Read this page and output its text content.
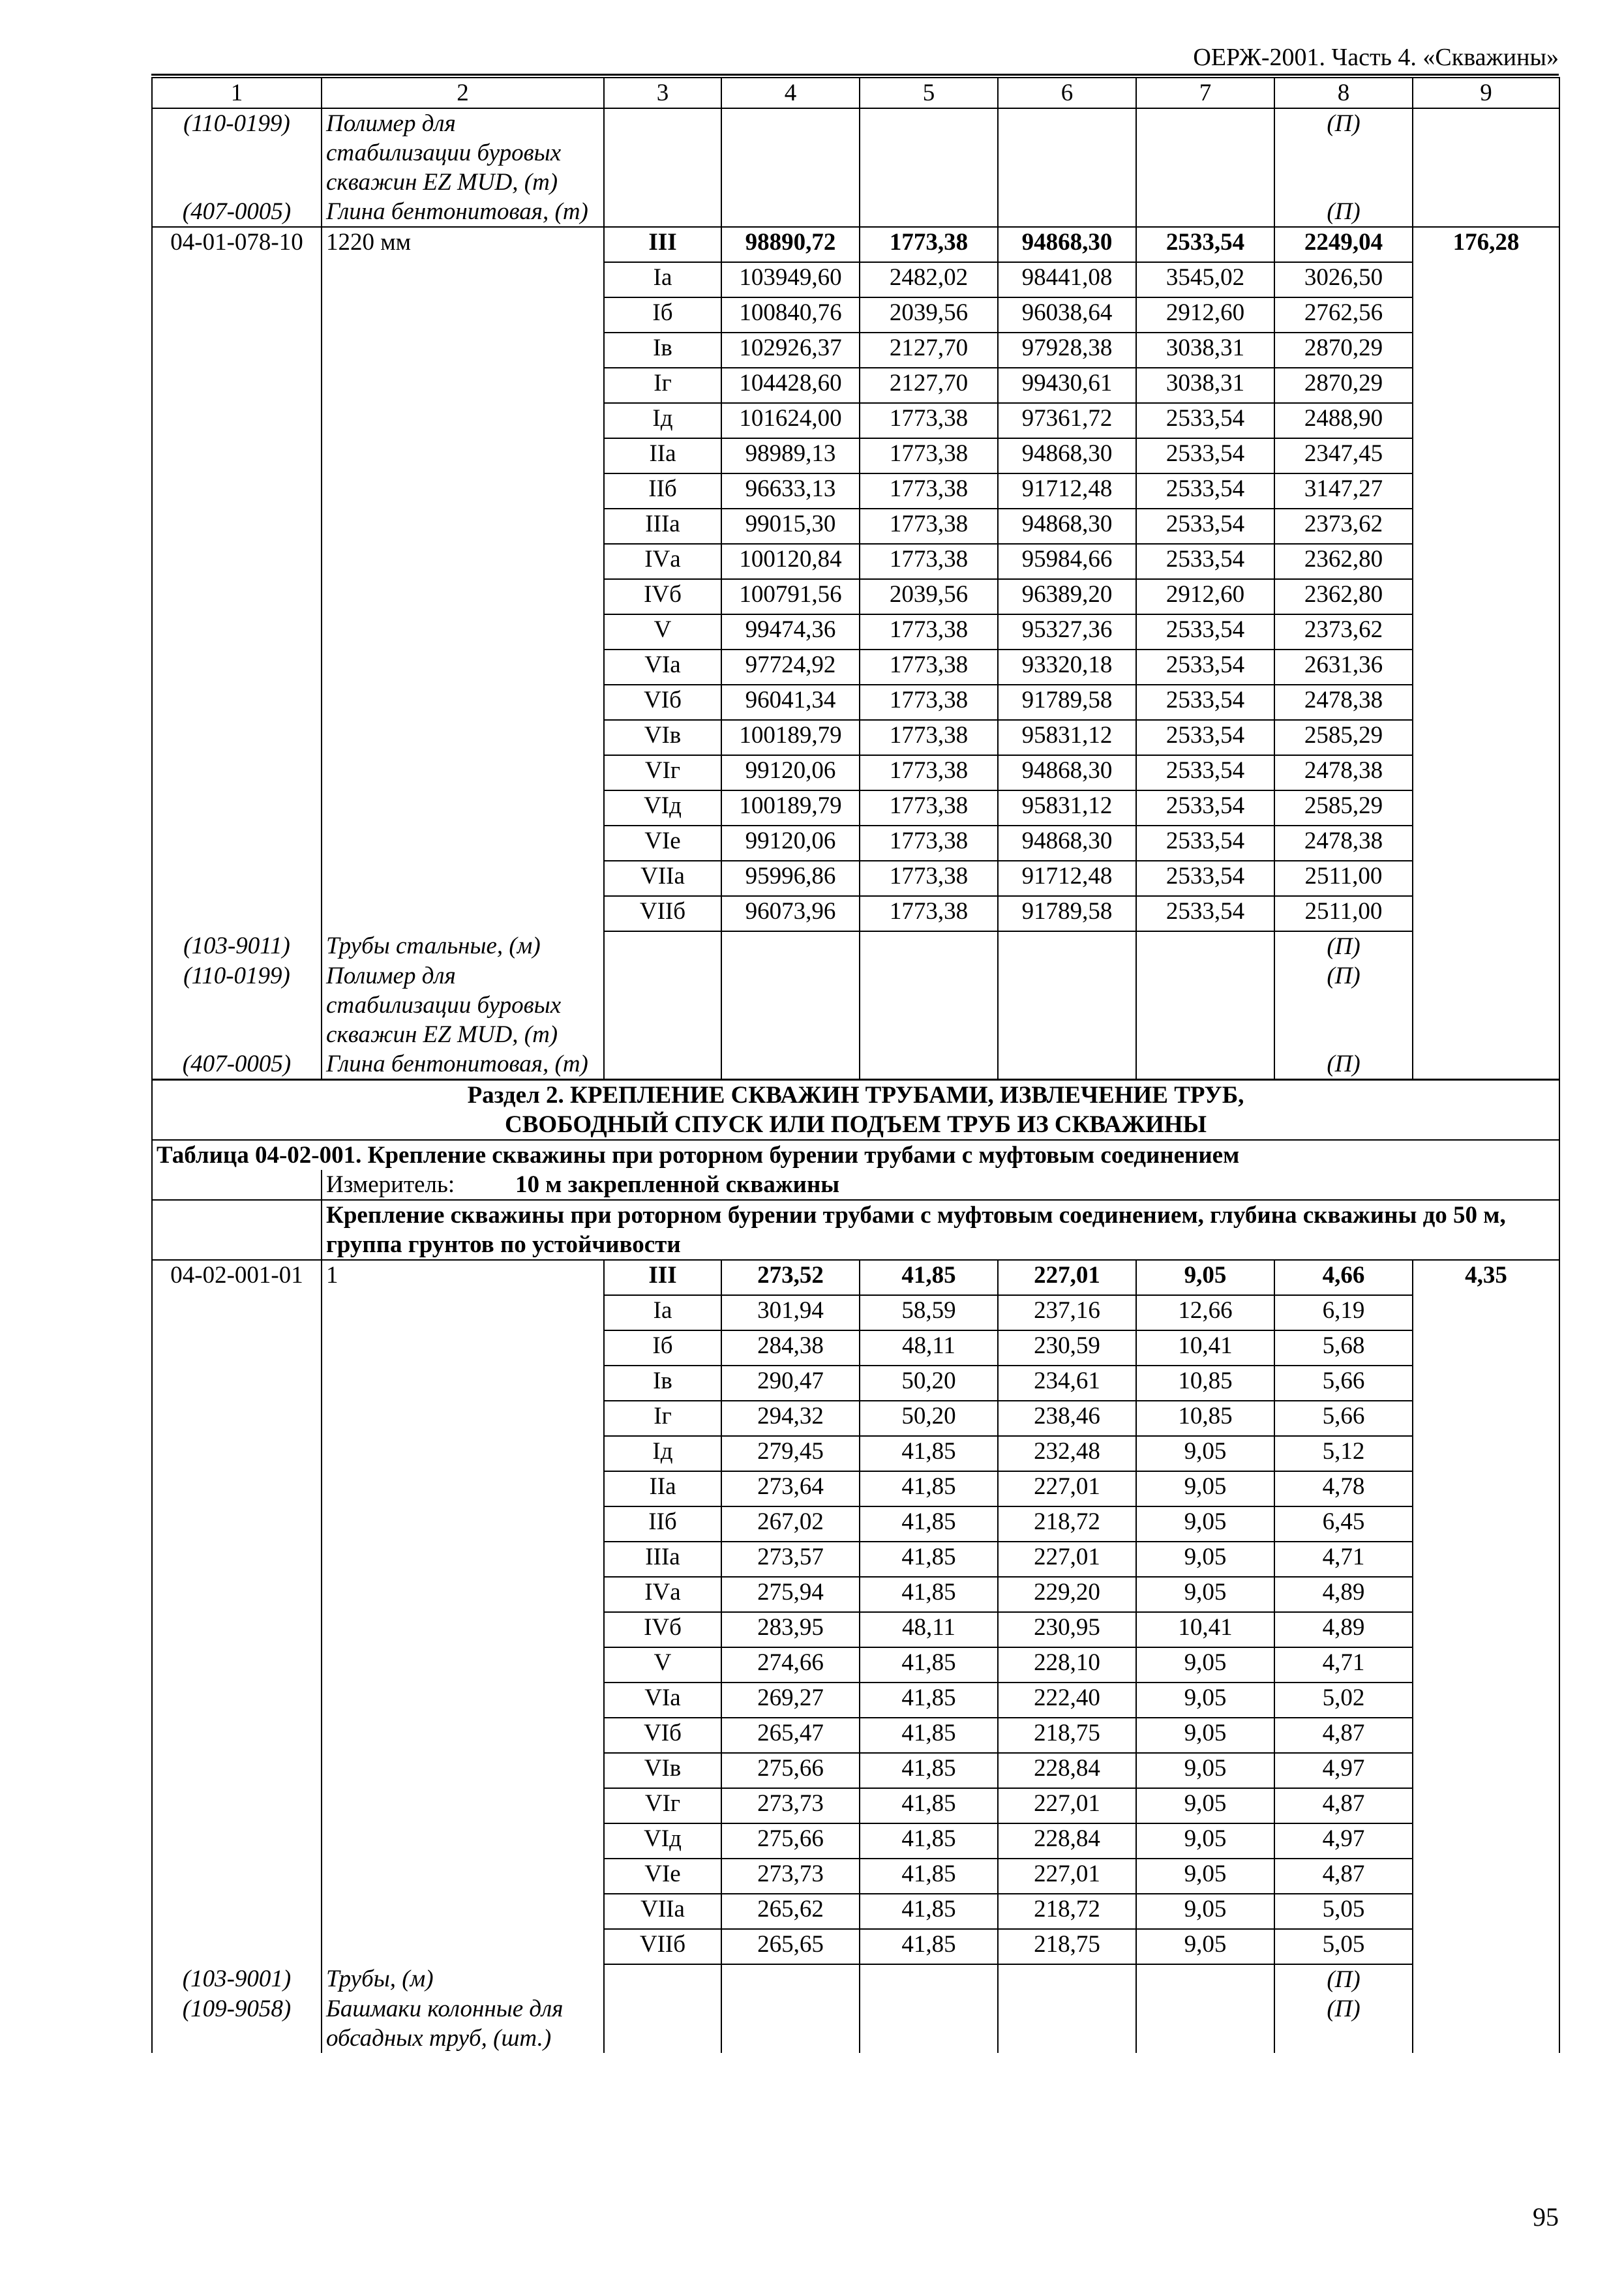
ОЕРЖ-2001. Часть 4. «Скважины»
1	2	3	4	5	6	7	8	9
(110-0199)	Полимер для стабилизации буровых скважин EZ MUD, (т)						(П)	
(407-0005)	Глина бентонитовая, (т)						(П)	
04-01-078-10	1220 мм	III	98890,72	1773,38	94868,30	2533,54	2249,04	176,28
		Iа	103949,60	2482,02	98441,08	3545,02	3026,50	
		Iб	100840,76	2039,56	96038,64	2912,60	2762,56	
		Iв	102926,37	2127,70	97928,38	3038,31	2870,29	
		Iг	104428,60	2127,70	99430,61	3038,31	2870,29	
		Iд	101624,00	1773,38	97361,72	2533,54	2488,90	
		IIа	98989,13	1773,38	94868,30	2533,54	2347,45	
		IIб	96633,13	1773,38	91712,48	2533,54	3147,27	
		IIIа	99015,30	1773,38	94868,30	2533,54	2373,62	
		IVа	100120,84	1773,38	95984,66	2533,54	2362,80	
		IVб	100791,56	2039,56	96389,20	2912,60	2362,80	
		V	99474,36	1773,38	95327,36	2533,54	2373,62	
		VIа	97724,92	1773,38	93320,18	2533,54	2631,36	
		VIб	96041,34	1773,38	91789,58	2533,54	2478,38	
		VIв	100189,79	1773,38	95831,12	2533,54	2585,29	
		VIг	99120,06	1773,38	94868,30	2533,54	2478,38	
		VIд	100189,79	1773,38	95831,12	2533,54	2585,29	
		VIе	99120,06	1773,38	94868,30	2533,54	2478,38	
		VIIа	95996,86	1773,38	91712,48	2533,54	2511,00	
		VIIб	96073,96	1773,38	91789,58	2533,54	2511,00	
(103-9011)	Трубы стальные, (м)						(П)	
(110-0199)	Полимер для стабилизации буровых скважин EZ MUD, (т)						(П)	
(407-0005)	Глина бентонитовая, (т)						(П)	

Раздел 2. КРЕПЛЕНИЕ СКВАЖИН ТРУБАМИ, ИЗВЛЕЧЕНИЕ ТРУБ,
СВОБОДНЫЙ СПУСК ИЛИ ПОДЪЕМ ТРУБ ИЗ СКВАЖИНЫ								

Таблица 04-02-001. Крепление скважины при роторном бурении трубами с муфтовым соединением								
	Измеритель: 10 м закрепленной скважины							
	Крепление скважины при роторном бурении трубами с муфтовым соединением, глубина скважины до 50 м, группа грунтов по устойчивости							
04-02-001-01	1	III	273,52	41,85	227,01	9,05	4,66	4,35
		Iа	301,94	58,59	237,16	12,66	6,19	
		Iб	284,38	48,11	230,59	10,41	5,68	
		Iв	290,47	50,20	234,61	10,85	5,66	
		Iг	294,32	50,20	238,46	10,85	5,66	
		Iд	279,45	41,85	232,48	9,05	5,12	
		IIа	273,64	41,85	227,01	9,05	4,78	
		IIб	267,02	41,85	218,72	9,05	6,45	
		IIIа	273,57	41,85	227,01	9,05	4,71	
		IVа	275,94	41,85	229,20	9,05	4,89	
		IVб	283,95	48,11	230,95	10,41	4,89	
		V	274,66	41,85	228,10	9,05	4,71	
		VIа	269,27	41,85	222,40	9,05	5,02	
		VIб	265,47	41,85	218,75	9,05	4,87	
		VIв	275,66	41,85	228,84	9,05	4,97	
		VIг	273,73	41,85	227,01	9,05	4,87	
		VIд	275,66	41,85	228,84	9,05	4,97	
		VIе	273,73	41,85	227,01	9,05	4,87	
		VIIа	265,62	41,85	218,72	9,05	5,05	
		VIIб	265,65	41,85	218,75	9,05	5,05	
(103-9001)	Трубы, (м)						(П)	
(109-9058)	Башмаки колонные для обсадных труб, (шт.)						(П)	
95
